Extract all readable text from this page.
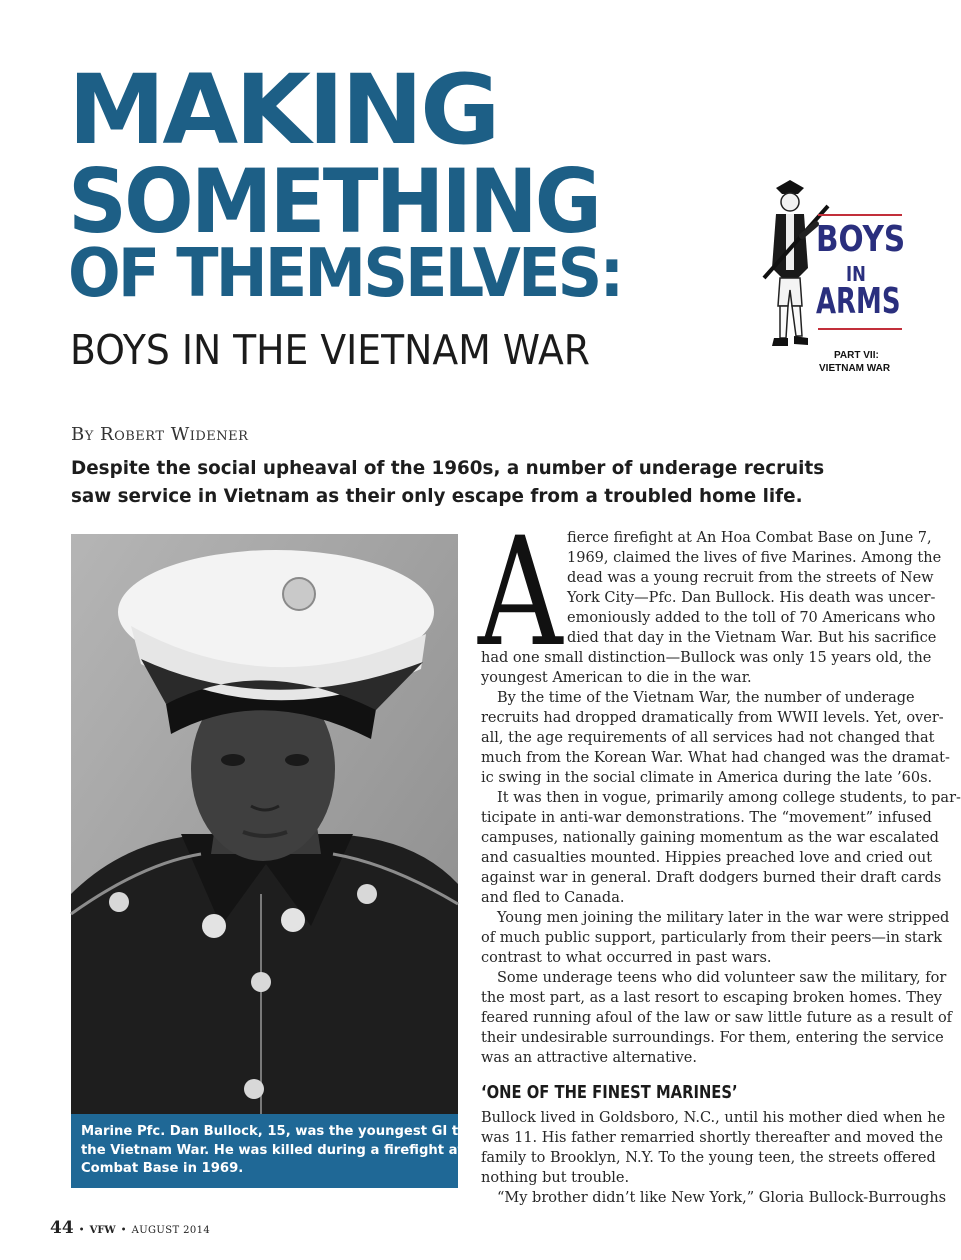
MAKING
SOMETHING
OF THEMSELVES:
BOYS IN THE VIETNAM WAR
BOYS
IN
ARMS
PART VII:
VIETNAM WAR
By Robert Widener

Despite the social upheaval of the 1960s, a number of underage recruits

saw service in Vietnam as their only escape from a troubled home life.

Marine Pfc. Dan Bullock, 15, was the youngest GI to die in
the Vietnam War. He was killed during a firefight at An Hoa
Combat Base in 1969.
A fierce firefight at An Hoa Combat Base on June 7,
1969, claimed the lives of five Marines. Among the
dead was a young recruit from the streets of New
York City—Pfc. Dan Bullock. His death was uncer-
emoniously added to the toll of 70 Americans who
died that day in the Vietnam War. But his sacrifice
had one small distinction—Bullock was only 15 years old, the
youngest American to die in the war.
By the time of the Vietnam War, the number of underage
recruits had dropped dramatically from WWII levels. Yet, over-
all, the age requirements of all services had not changed that
much from the Korean War. What had changed was the dramat-
ic swing in the social climate in America during the late ’60s.
It was then in vogue, primarily among college students, to par-
ticipate in anti-war demonstrations. The “movement” infused
campuses, nationally gaining momentum as the war escalated
and casualties mounted. Hippies preached love and cried out
against war in general. Draft dodgers burned their draft cards
and fled to Canada.
Young men joining the military later in the war were stripped
of much public support, particularly from their peers—in stark
contrast to what occurred in past wars.
Some underage teens who did volunteer saw the military, for
the most part, as a last resort to escaping broken homes. They
feared running afoul of the law or saw little future as a result of
their undesirable surroundings. For them, entering the service
was an attractive alternative.
‘ONE OF THE FINEST MARINES’
Bullock lived in Goldsboro, N.C., until his mother died when he
was 11. His father remarried shortly thereafter and moved the
family to Brooklyn, N.Y. To the young teen, the streets offered
nothing but trouble.
“My brother didn’t like New York,” Gloria Bullock-Burroughs
44 • VFW • AUGUST 2014
